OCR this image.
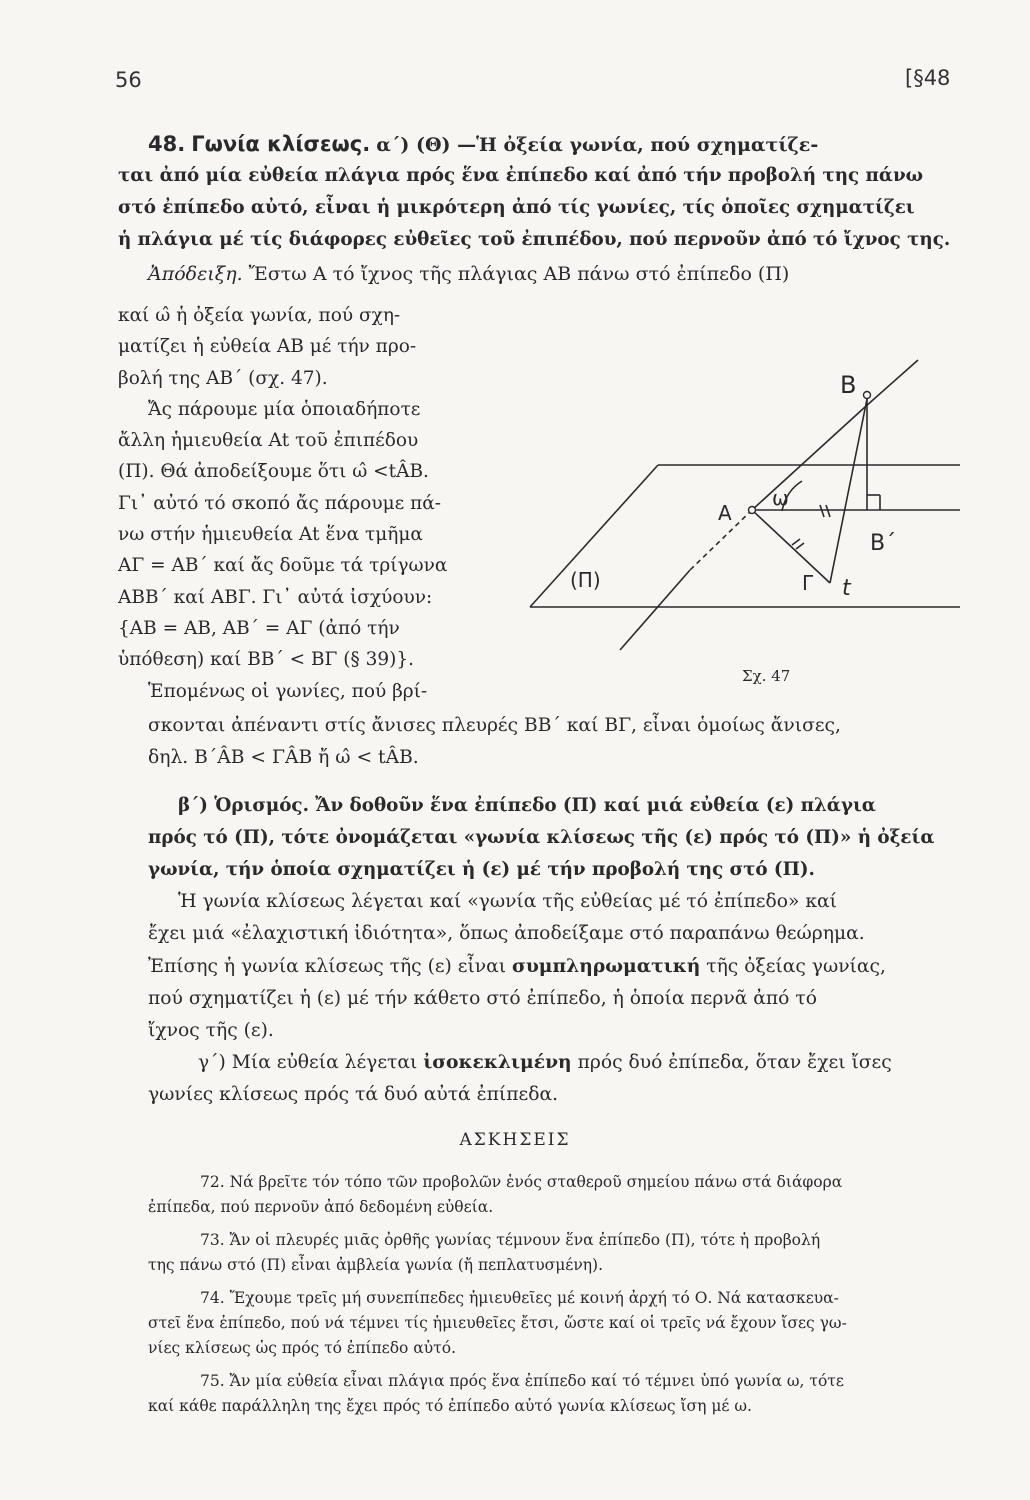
56	[§48
48. Γωνία κλίσεως. α΄) (Θ) —Ἡ ὀξεία γωνία, πού σχηματίζε-

ται ἀπό μία εὐθεία πλάγια πρός ἕνα ἐπίπεδο καί ἀπό τήν προβολή της πάνω

στό ἐπίπεδο αὐτό, εἶναι ἡ μικρότερη ἀπό τίς γωνίες, τίς ὁποῖες σχηματίζει

ἡ πλάγια μέ τίς διάφορες εὐθεῖες τοῦ ἐπιπέδου, πού περνοῦν ἀπό τό ἴχνος της.

Ἀπόδειξη. Ἔστω Α τό ἴχνος τῆς πλάγιας ΑΒ πάνω στό ἐπίπεδο (Π)

καί ω̂ ἡ ὀξεία γωνία, πού σχη-

ματίζει ἡ εὐθεία ΑΒ μέ τήν προ-

βολή της ΑΒ΄ (σχ. 47).

Ἄς πάρουμε μία ὁποιαδήποτε

ἄλλη ἡμιευθεία Αt τοῦ ἐπιπέδου

(Π). Θά ἀποδείξουμε ὅτι ω̂ <tÂΒ.

Γι᾿ αὐτό τό σκοπό ἄς πάρουμε πά-

νω στήν ἡμιευθεία Αt ἕνα τμῆμα

ΑΓ = ΑΒ΄ καί ἄς δοῦμε τά τρίγωνα

ΑΒΒ΄ καί ΑΒΓ. Γι᾿ αὐτά ἰσχύουν:

{ΑΒ = ΑΒ, ΑΒ΄ = ΑΓ (ἀπό τήν

ὑπόθεση) καί ΒΒ΄ < ΒΓ (§ 39)}.

Ἑπομένως οἱ γωνίες, πού βρί-

B
A
ω
B΄
Γ t
(Π)
Σχ. 47

σκονται ἀπέναντι στίς ἄνισες πλευρές ΒΒ΄ καί ΒΓ, εἶναι ὁμοίως ἄνισες,

δηλ. Β΄ÂΒ < ΓÂΒ ἤ ω̂ < tÂΒ.

β΄) Ὁρισμός. Ἄν δοθοῦν ἕνα ἐπίπεδο (Π) καί μιά εὐθεία (ε) πλάγια

πρός τό (Π), τότε ὀνομάζεται «γωνία κλίσεως τῆς (ε) πρός τό (Π)» ἡ ὀξεία

γωνία, τήν ὁποία σχηματίζει ἡ (ε) μέ τήν προβολή της στό (Π).

Ἡ γωνία κλίσεως λέγεται καί «γωνία τῆς εὐθείας μέ τό ἐπίπεδο» καί

ἔχει μιά «ἐλαχιστική ἰδιότητα», ὅπως ἀποδείξαμε στό παραπάνω θεώρημα.

Ἐπίσης ἡ γωνία κλίσεως τῆς (ε) εἶναι συμπληρωματική τῆς ὀξείας γωνίας,

πού σχηματίζει ἡ (ε) μέ τήν κάθετο στό ἐπίπεδο, ἡ ὁποία περνᾶ ἀπό τό

ἴχνος τῆς (ε).

γ΄) Μία εὐθεία λέγεται ἰσοκεκλιμένη πρός δυό ἐπίπεδα, ὅταν ἔχει ἴσες

γωνίες κλίσεως πρός τά δυό αὐτά ἐπίπεδα.

ΑΣΚΗΣΕΙΣ

72. Νά βρεῖτε τόν τόπο τῶν προβολῶν ἑνός σταθεροῦ σημείου πάνω στά διάφορα

ἐπίπεδα, πού περνοῦν ἀπό δεδομένη εὐθεία.

73. Ἄν οἱ πλευρές μιᾶς ὀρθῆς γωνίας τέμνουν ἕνα ἐπίπεδο (Π), τότε ἡ προβολή

της πάνω στό (Π) εἶναι ἀμβλεία γωνία (ἤ πεπλατυσμένη).

74. Ἔχουμε τρεῖς μή συνεπίπεδες ἡμιευθεῖες μέ κοινή ἀρχή τό Ο. Νά κατασκευα-

στεῖ ἕνα ἐπίπεδο, πού νά τέμνει τίς ἡμιευθεῖες ἔτσι, ὥστε καί οἱ τρεῖς νά ἔχουν ἴσες γω-

νίες κλίσεως ὡς πρός τό ἐπίπεδο αὐτό.

75. Ἄν μία εὐθεία εἶναι πλάγια πρός ἕνα ἐπίπεδο καί τό τέμνει ὑπό γωνία ω, τότε

καί κάθε παράλληλη της ἔχει πρός τό ἐπίπεδο αὐτό γωνία κλίσεως ἴση μέ ω.
